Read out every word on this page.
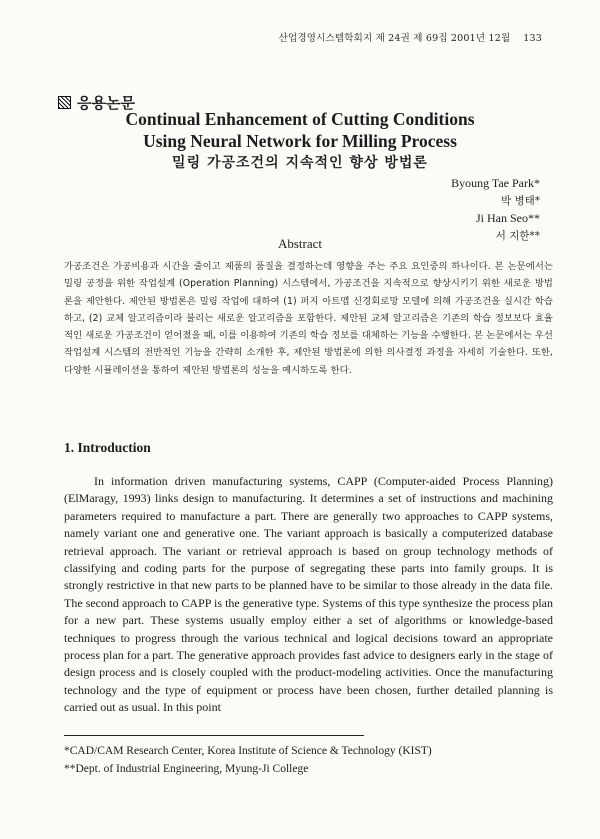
산업경영시스템학회지 제 24권 제 69집 2001년 12월 133
응용논문
Continual Enhancement of Cutting Conditions
Using Neural Network for Milling Process
밀링 가공조건의 지속적인 향상 방법론
Byoung Tae Park*
박 병태*
Ji Han Seo**
서 지한**
Abstract
가공조건은 가공비용과 시간을 줄이고 제품의 품질을 결정하는데 영향을 주는 주요 요인중의 하나이다. 본 논문에서는 밀링 공정을 위한 작업설계 (Operation Planning) 시스템에서, 가공조건을 지속적으로 향상시키기 위한 새로운 방법론을 제안한다. 제안된 방법론은 밀링 작업에 대하여 (1) 퍼지 아트맵 신경회로망 모델에 의해 가공조건을 실시간 학습하고, (2) 교체 알고리즘이라 불리는 새로운 알고리즘을 포함한다. 제안된 교체 알고리즘은 기존의 학습 정보보다 효율적인 새로운 가공조건이 얻어졌을 때, 이를 이용하여 기존의 학습 정보를 대체하는 기능을 수행한다. 본 논문에서는 우선 작업설계 시스템의 전반적인 기능을 간략히 소개한 후, 제안된 방법론에 의한 의사결정 과정을 자세히 기술한다. 또한, 다양한 시뮬레이션을 통하여 제안된 방법론의 성능을 예시하도록 한다.
1. Introduction
In information driven manufacturing systems, CAPP (Computer-aided Process Planning) (ElMaragy, 1993) links design to manufacturing. It determines a set of instructions and machining parameters required to manufacture a part. There are generally two approaches to CAPP systems, namely variant one and generative one. The variant approach is basically a computerized database retrieval approach. The variant or retrieval approach is based on group technology methods of classifying and coding parts for the purpose of segregating these parts into family groups. It is strongly restrictive in that new parts to be planned have to be similar to those already in the data file. The second approach to CAPP is the generative type. Systems of this type synthesize the process plan for a new part. These systems usually employ either a set of algorithms or knowledge-based techniques to progress through the various technical and logical decisions toward an appropriate process plan for a part. The generative approach provides fast advice to designers early in the stage of design process and is closely coupled with the product-modeling activities. Once the manufacturing technology and the type of equipment or process have been chosen, further detailed planning is carried out as usual. In this point
*CAD/CAM Research Center, Korea Institute of Science & Technology (KIST)
**Dept. of Industrial Engineering, Myung-Ji College
